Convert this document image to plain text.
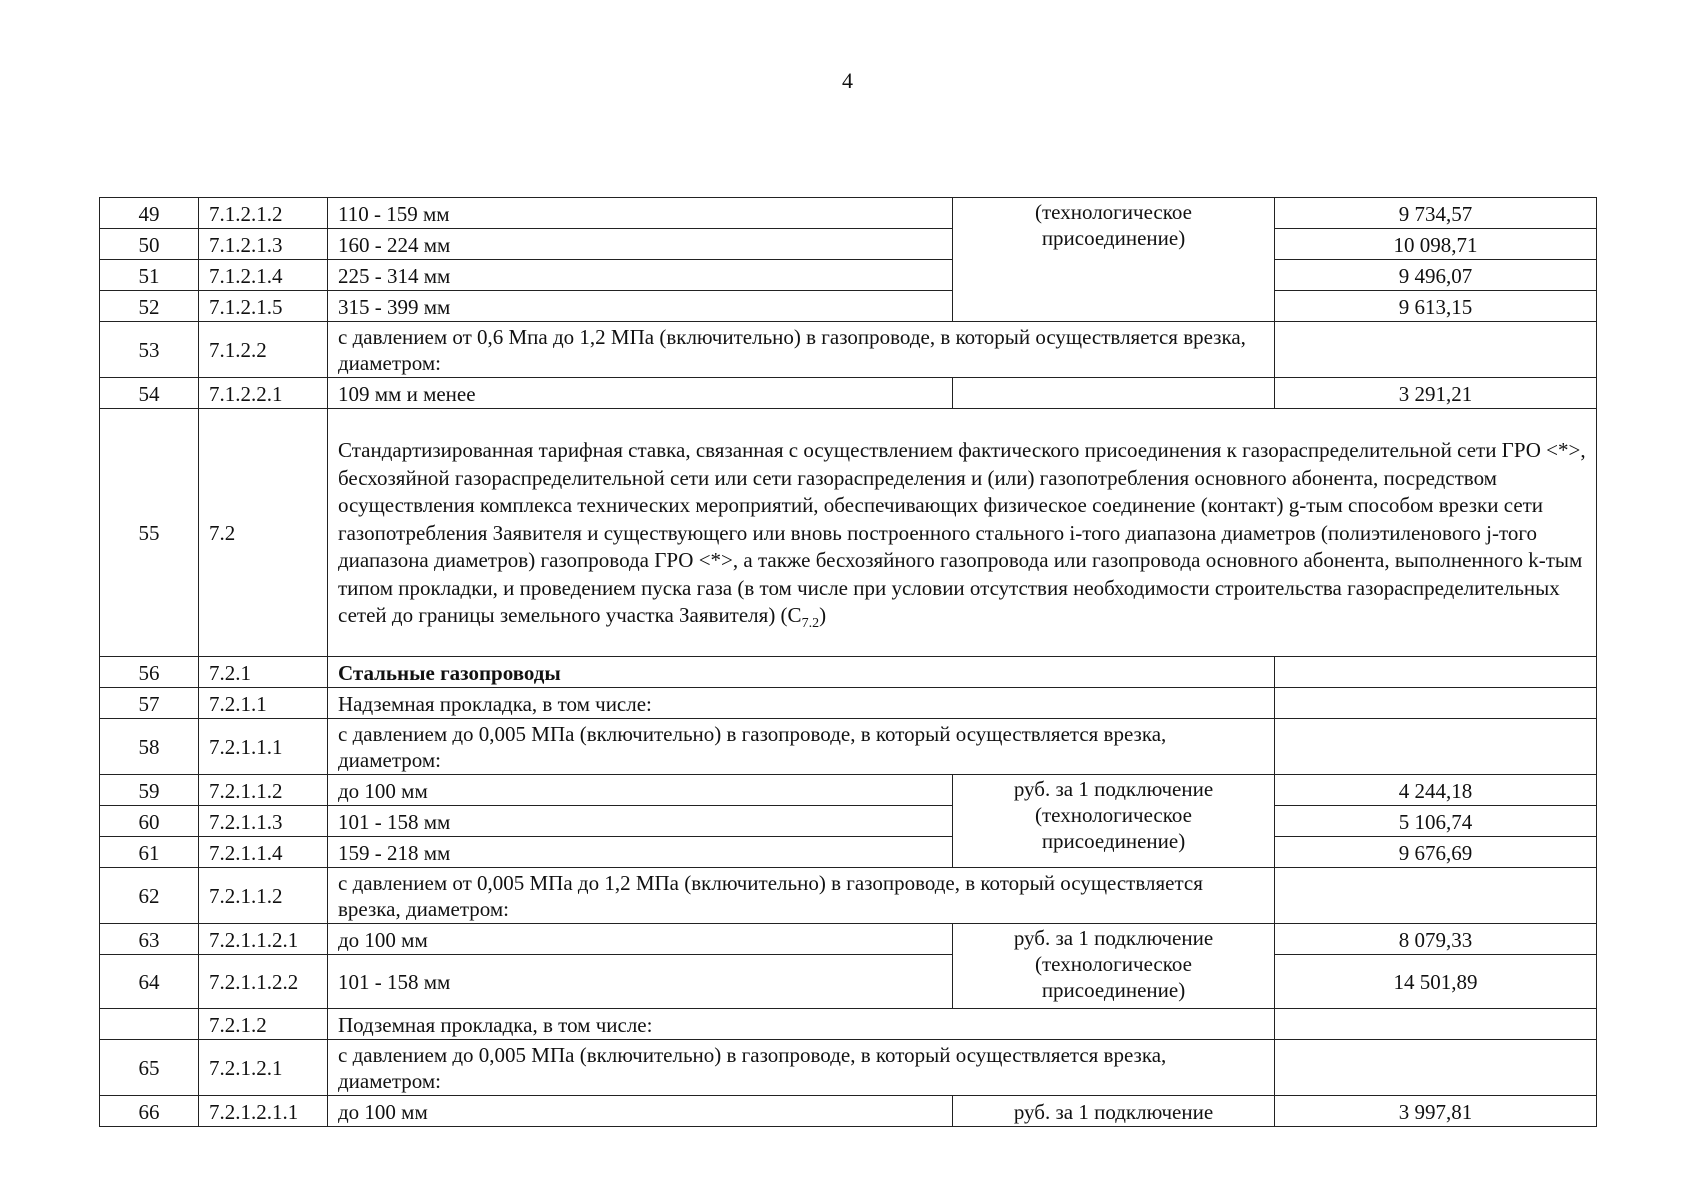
4
49	7.1.2.1.2	110 - 159 мм	(технологическое присоединение)	9 734,57
50	7.1.2.1.3	160 - 224 мм		10 098,71
51	7.1.2.1.4	225 - 314 мм		9 496,07
52	7.1.2.1.5	315 - 399 мм		9 613,15
53	7.1.2.2	с давлением от 0,6 Мпа до 1,2 МПа (включительно) в газопроводе, в который осуществляется врезка, диаметром:		
54	7.1.2.2.1	109 мм и менее		3 291,21
55	7.2	Стандартизированная тарифная ставка, связанная с осуществлением фактического присоединения к газораспределительной сети ГРО <*>, бесхозяйной газораспределительной сети или сети газораспределения и (или) газопотребления основного абонента, посредством осуществления комплекса технических мероприятий, обеспечивающих физическое соединение (контакт) g-тым способом врезки сети газопотребления Заявителя и существующего или вновь построенного стального i-того диапазона диаметров (полиэтиленового j-того диапазона диаметров) газопровода ГРО <*>, а также бесхозяйного газопровода или газопровода основного абонента, выполненного k-тым типом прокладки, и проведением пуска газа (в том числе при условии отсутствия необходимости строительства газораспределительных сетей до границы земельного участка Заявителя) $(С_{7.2})$		
56	7.2.1	Стальные газопроводы		
57	7.2.1.1	Надземная прокладка, в том числе:		
58	7.2.1.1.1	с давлением до 0,005 МПа (включительно) в газопроводе, в который осуществляется врезка, диаметром:		
59	7.2.1.1.2	до 100 мм	руб. за 1 подключение (технологическое присоединение)	4 244,18
60	7.2.1.1.3	101 - 158 мм		5 106,74
61	7.2.1.1.4	159 - 218 мм		9 676,69
62	7.2.1.1.2	с давлением от 0,005 МПа до 1,2 МПа (включительно) в газопроводе, в который осуществляется врезка, диаметром:		
63	7.2.1.1.2.1	до 100 мм	руб. за 1 подключение (технологическое присоединение)	8 079,33
64	7.2.1.1.2.2	101 - 158 мм		14 501,89
	7.2.1.2	Подземная прокладка, в том числе:		
65	7.2.1.2.1	с давлением до 0,005 МПа (включительно) в газопроводе, в который осуществляется врезка, диаметром:		
66	7.2.1.2.1.1	до 100 мм	руб. за 1 подключение	3 997,81
